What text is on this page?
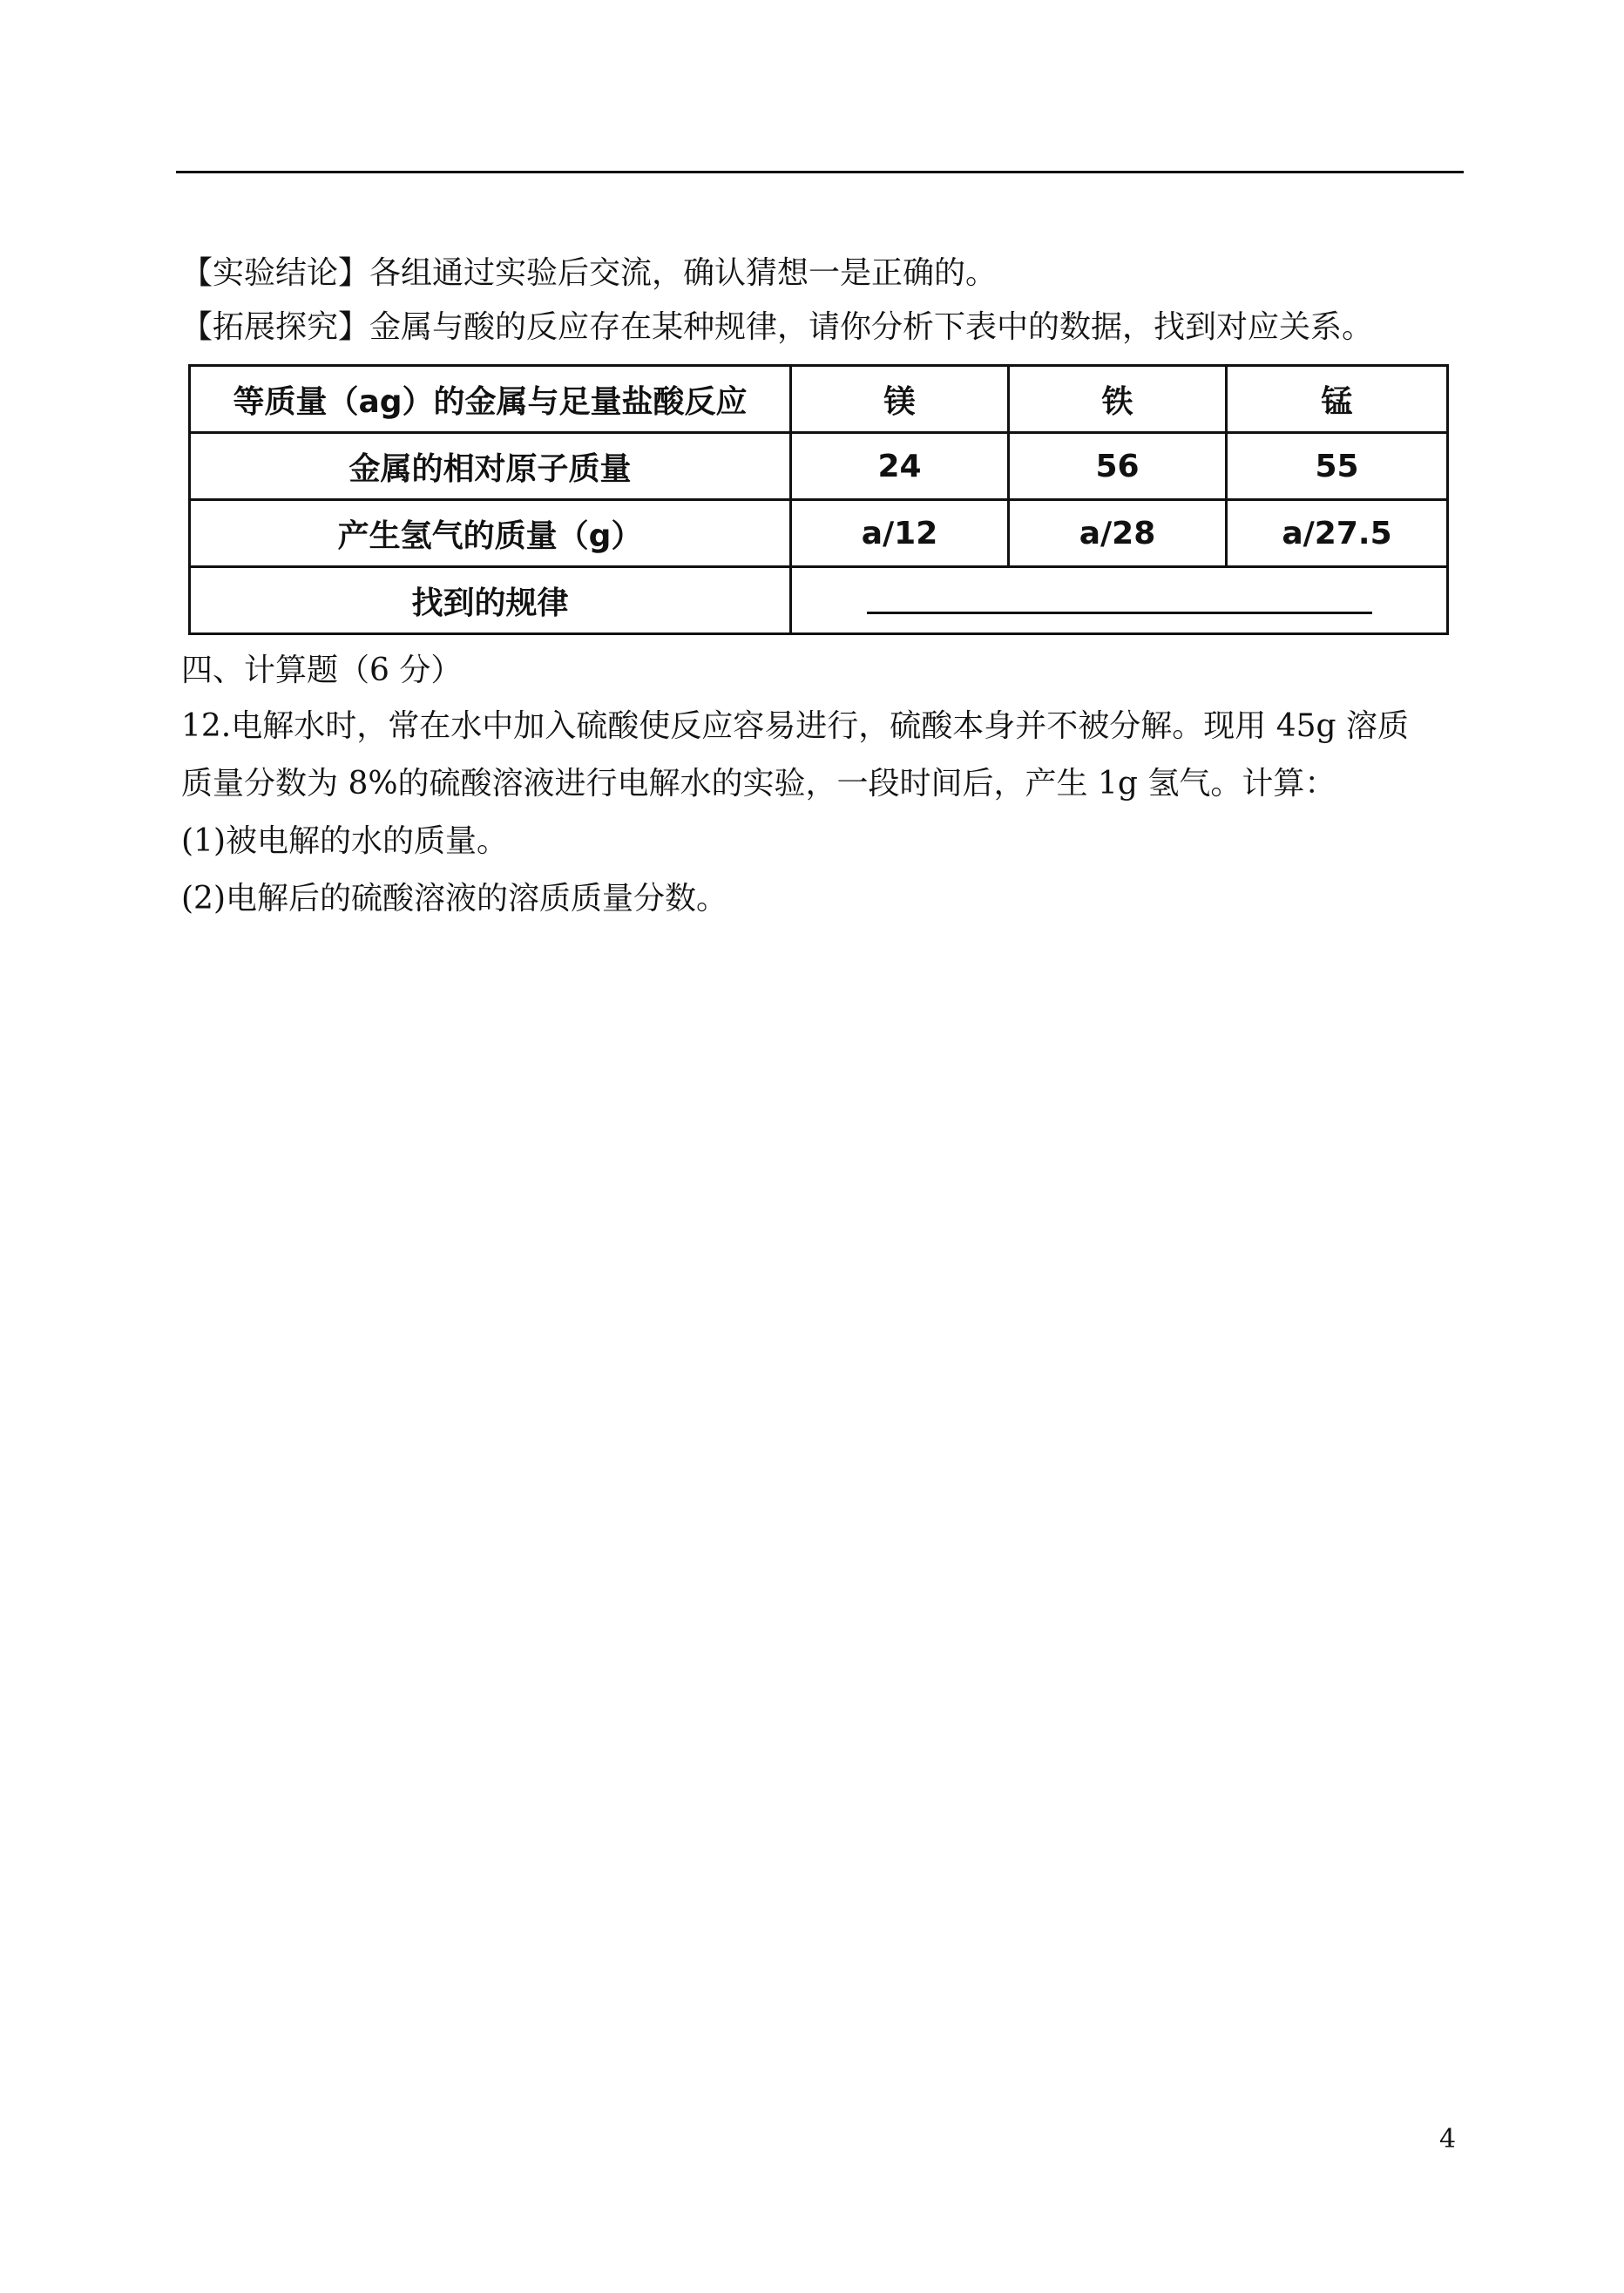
【实验结论】各组通过实验后交流，确认猜想一是正确的。
【拓展探究】金属与酸的反应存在某种规律，请你分析下表中的数据，找到对应关系。
等质量（ag）的金属与足量盐酸反应	镁	铁	锰
金属的相对原子质量	24	56	55
产生氢气的质量（g）	a/12	a/28	a/27.5
找到的规律			
四、计算题（6 分）
12.电解水时，常在水中加入硫酸使反应容易进行，硫酸本身并不被分解。现用 45g 溶质
质量分数为 8%的硫酸溶液进行电解水的实验，一段时间后，产生 1g 氢气。计算：
(1)被电解的水的质量。
(2)电解后的硫酸溶液的溶质质量分数。
4
